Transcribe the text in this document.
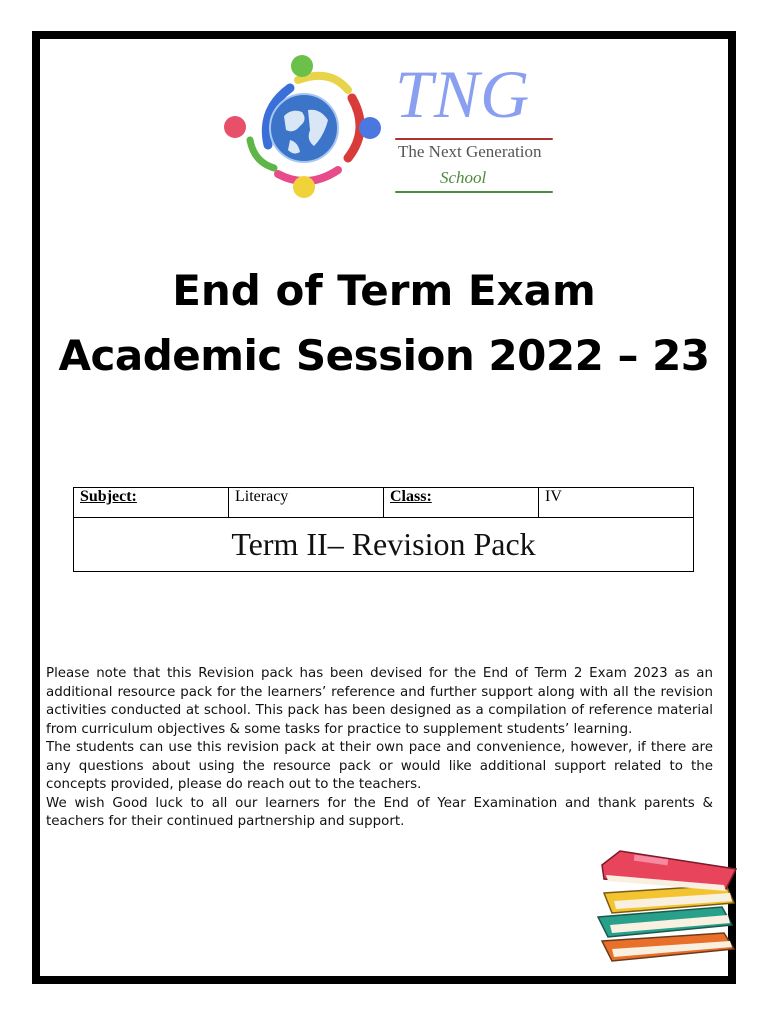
TNG
The Next Generation
School
End of Term Exam
Academic Session 2022 – 23
Subject:	Literacy	Class:	IV
Term II– Revision Pack

Please note that this Revision pack has been devised for the End of Term 2 Exam 2023 as an additional resource pack for the learners’ reference and further support along with all the revision activities conducted at school. This pack has been designed as a compilation of reference material from curriculum objectives & some tasks for practice to supplement students’ learning.

The students can use this revision pack at their own pace and convenience, however, if there are any questions about using the resource pack or would like additional support related to the concepts provided, please do reach out to the teachers.

We wish Good luck to all our learners for the End of Year Examination and thank parents & teachers for their continued partnership and support.
